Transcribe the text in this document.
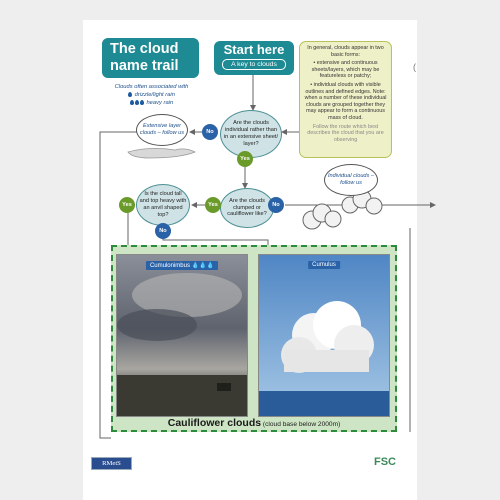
The cloud
name trail
Clouds often associated with
drizzle/light rain
heavy rain
Start here
A key to clouds

In general, clouds appear in two basic forms:

• extensive and continuous sheets/layers, which may be featureless or patchy;

• individual clouds with visible outlines and defined edges. Note: when a number of these individual clouds are grouped together they may appear to form a continuous mass of cloud.

Follow the route which best describes the cloud that you are observing

(
Are the clouds individual rather than in an extensive sheet/ layer?
No
Yes
Extensive layer clouds – follow us
Are the clouds clumped or cauliflower like?
No
Yes
Individual clouds – follow us
Is the cloud tall and top heavy with an anvil shaped top?
Yes
No
Cumulonimbus 💧💧💧	Cumulus
Cauliflower clouds (cloud base below 2000m)
RMetS	FSC
